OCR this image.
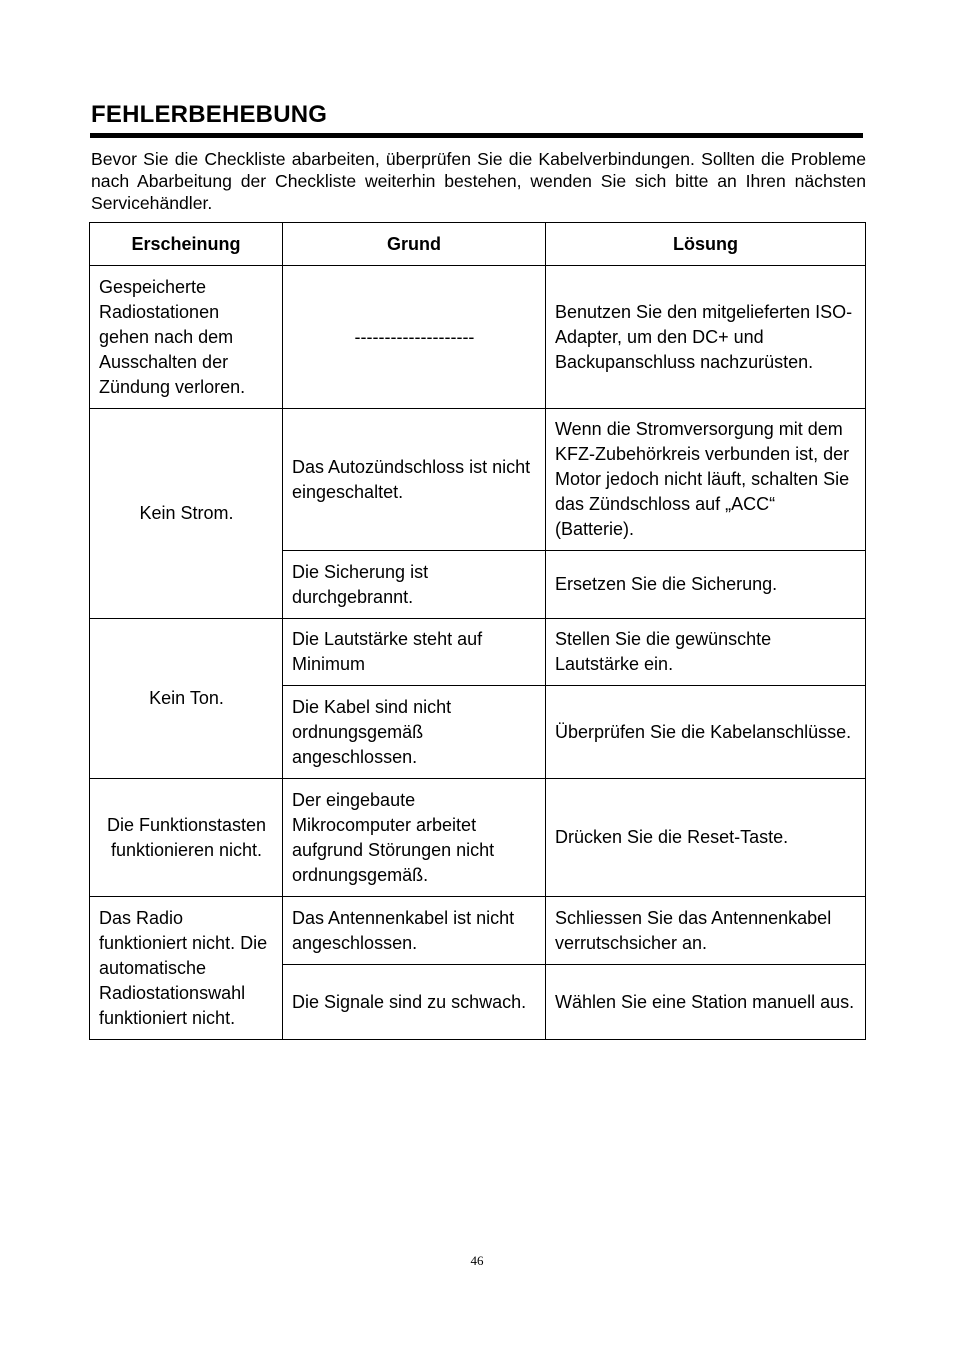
FEHLERBEHEBUNG
Bevor Sie die Checkliste abarbeiten, überprüfen Sie die Kabelverbindungen. Sollten die Probleme nach Abarbeitung der Checkliste weiterhin bestehen, wenden Sie sich bitte an Ihren nächsten Servicehändler.
Erscheinung	Grund	Lösung
Gespeicherte Radiostationen gehen nach dem Ausschalten der Zündung verloren.	--------------------	Benutzen Sie den mitgelieferten ISO-Adapter, um den DC+ und Backupanschluss nachzurüsten.
Kein Strom.	Das Autozündschloss ist nicht eingeschaltet.	Wenn die Stromversorgung mit dem KFZ-Zubehörkreis verbunden ist, der Motor jedoch nicht läuft, schalten Sie das Zündschloss auf „ACC“ (Batterie).
	Die Sicherung ist durchgebrannt.	Ersetzen Sie die Sicherung.
Kein Ton.	Die Lautstärke steht auf Minimum	Stellen Sie die gewünschte Lautstärke ein.
	Die Kabel sind nicht ordnungsgemäß angeschlossen.	Überprüfen Sie die Kabelanschlüsse.
Die Funktionstasten funktionieren nicht.	Der eingebaute Mikrocomputer arbeitet aufgrund Störungen nicht ordnungsgemäß.	Drücken Sie die Reset-Taste.
Das Radio funktioniert nicht. Die automatische Radiostationswahl funktioniert nicht.	Das Antennenkabel ist nicht angeschlossen.	Schliessen Sie das Antennenkabel verrutschsicher an.
	Die Signale sind zu schwach.	Wählen Sie eine Station manuell aus.
46
